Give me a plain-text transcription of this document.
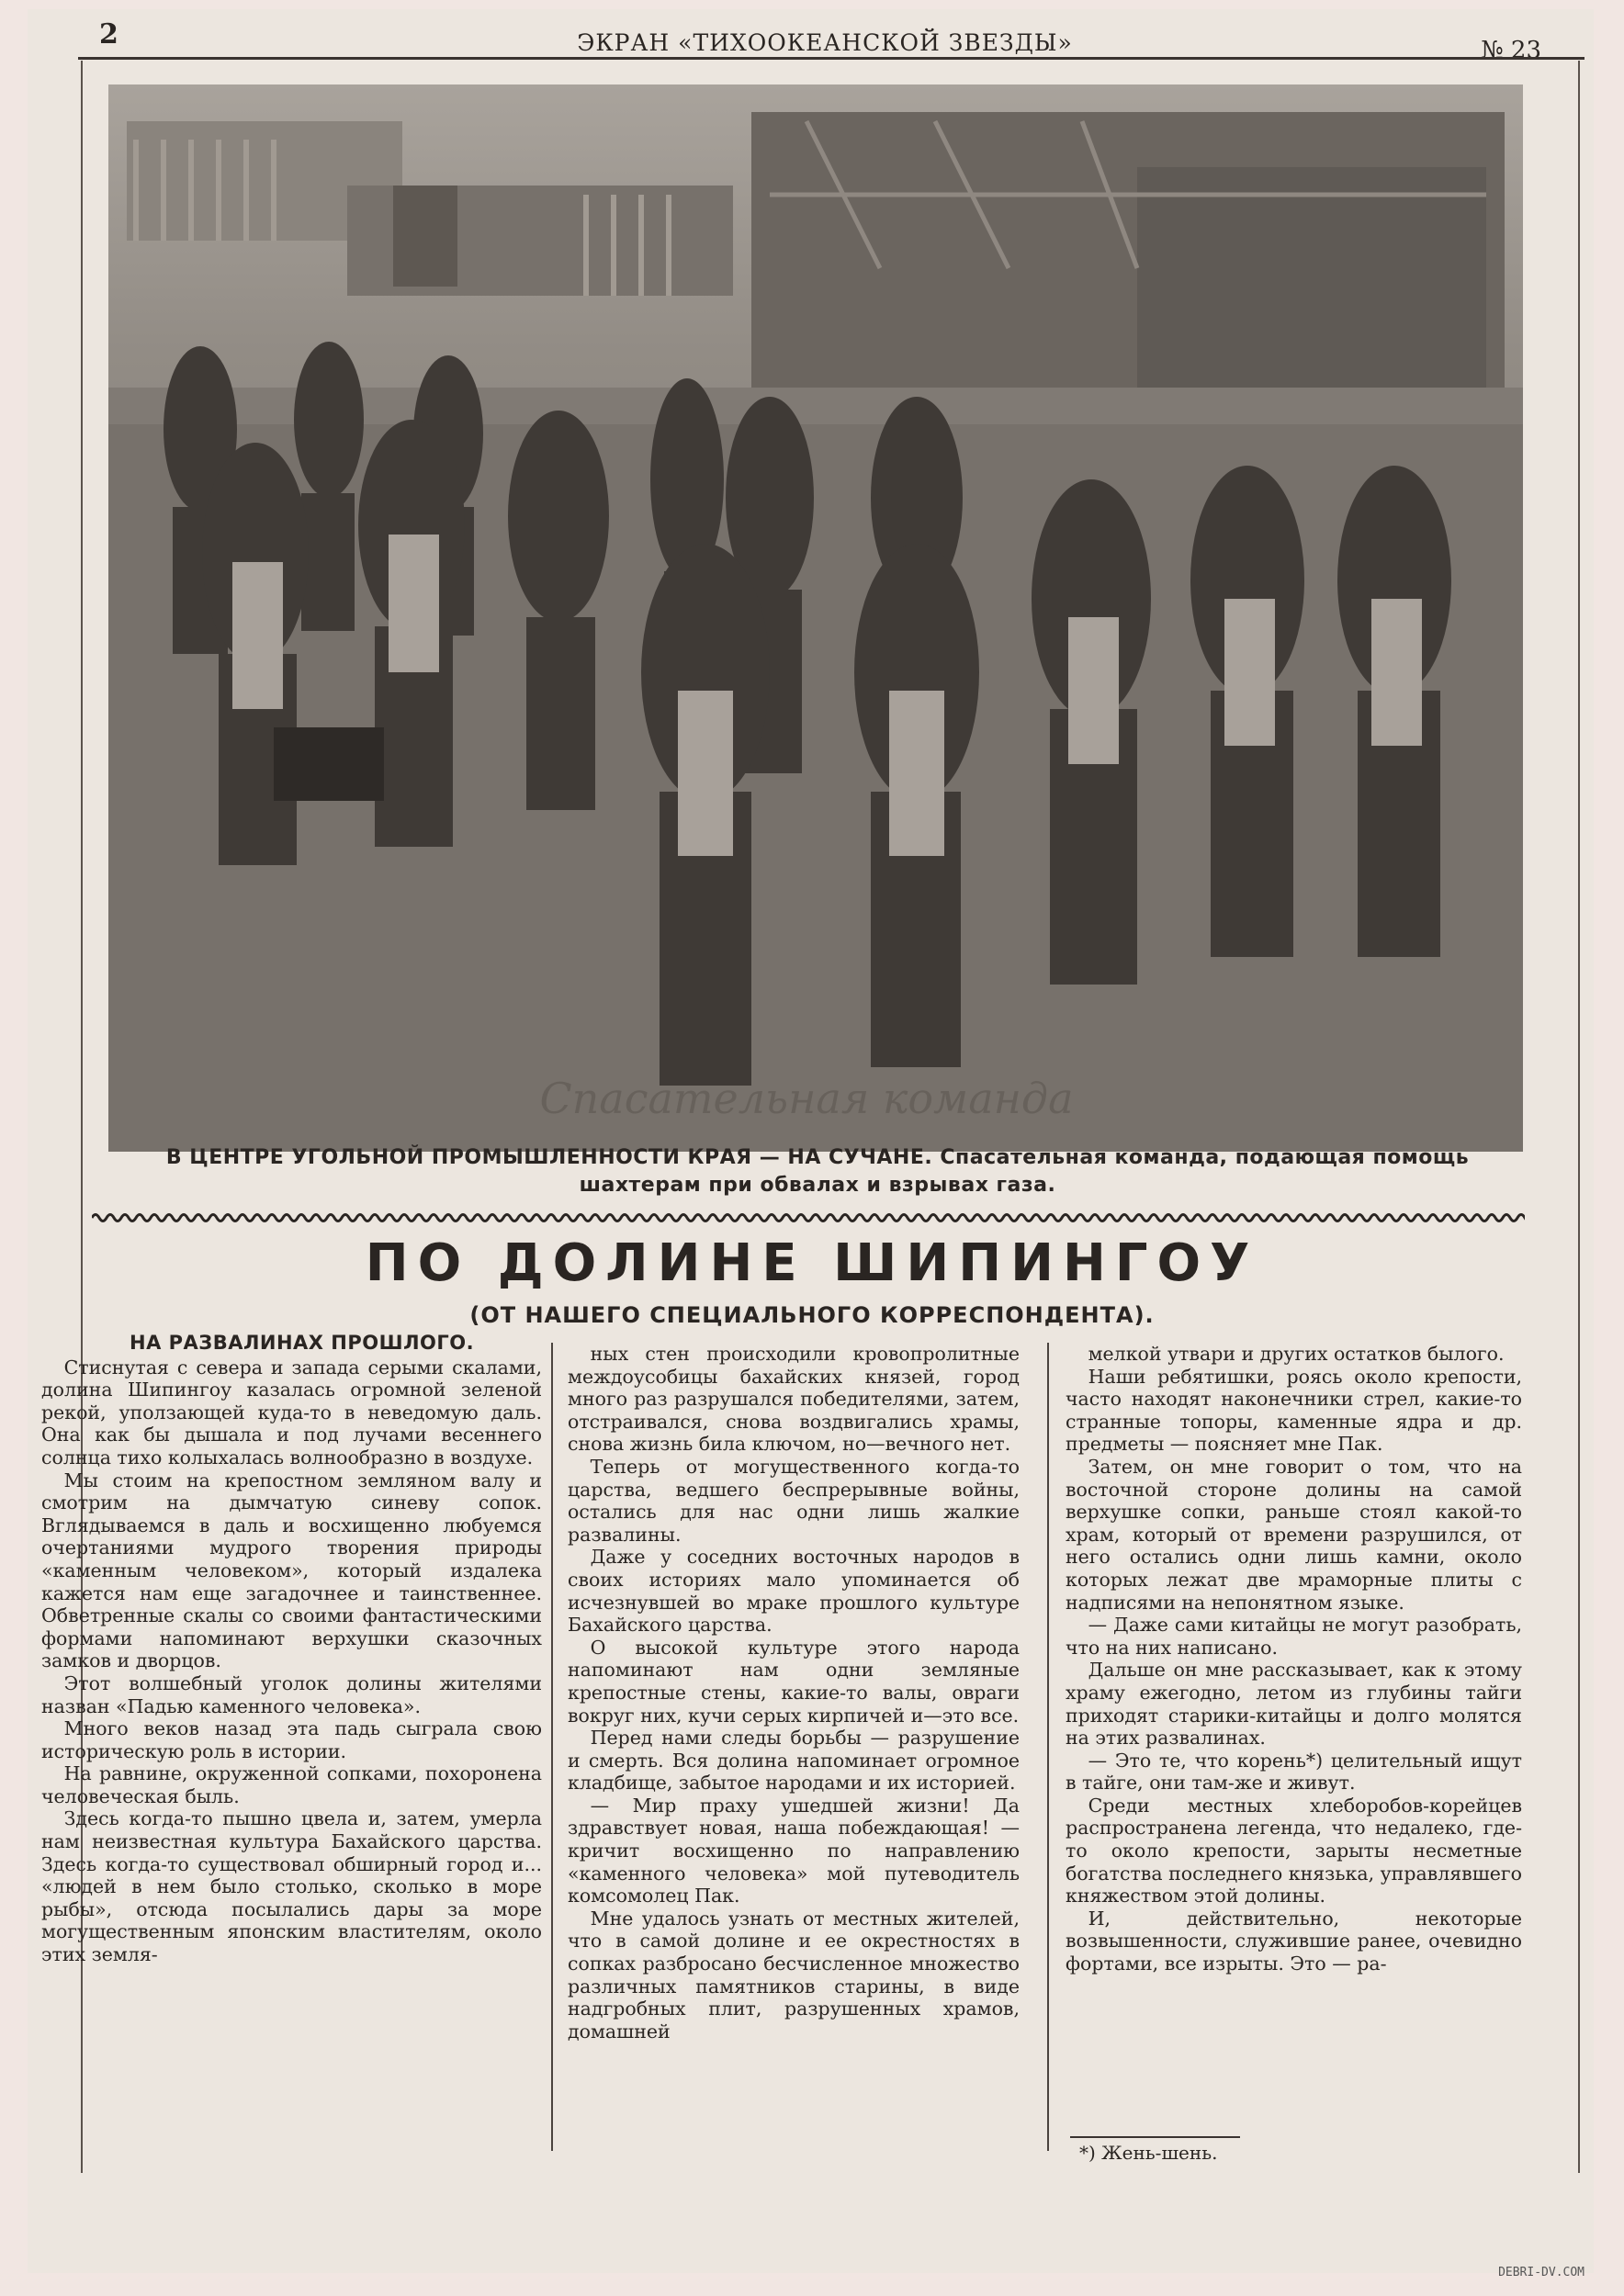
2	ЭКРАН «ТИХООКЕАНСКОЙ ЗВЕЗДЫ»	№ 23
Спасательная команда
В ЦЕНТРЕ УГОЛЬНОЙ ПРОМЫШЛЕННОСТИ КРАЯ — НА СУЧАНЕ. Спасательная команда, подающая помощь
шахтерам при обвалах и взрывах газа.
ПО ДОЛИНЕ ШИПИНГОУ
(ОТ НАШЕГО СПЕЦИАЛЬНОГО КОРРЕСПОНДЕНТА).
НА РАЗВАЛИНАХ ПРОШЛОГО.

Стиснутая с севера и запада серыми скалами, долина Шипингоу казалась огромной зеленой рекой, уползающей куда-то в неведомую даль. Она как бы дышала и под лучами весеннего солнца тихо колыхалась волнообразно в воздухе.

Мы стоим на крепостном земляном валу и смотрим на дымчатую синеву сопок. Вглядываемся в даль и восхищенно любуемся очертаниями мудрого творения природы «каменным человеком», который издалека кажется нам еще загадочнее и таинственнее. Обветренные скалы со своими фантастическими формами напоминают верхушки сказочных замков и дворцов.

Этот волшебный уголок долины жителями назван «Падью каменного человека».

Много веков назад эта падь сыграла свою историческую роль в истории.

На равнине, окруженной сопками, похоронена человеческая быль.

Здесь когда-то пышно цвела и, затем, умерла нам неизвестная культура Бахайского царства. Здесь когда-то существовал обширный город и... «людей в нем было столько, сколько в море рыбы», отсюда посылались дары за море могущественным японским властителям, около этих земля-

ных стен происходили кровопролитные междоусобицы бахайских князей, город много раз разрушался победителями, затем, отстраивался, снова воздвигались храмы, снова жизнь била ключом, но—вечного нет.

Теперь от могущественного когда-то царства, ведшего беспрерывные войны, остались для нас одни лишь жалкие развалины.

Даже у соседних восточных народов в своих историях мало упоминается об исчезнувшей во мраке прошлого культуре Бахайского царства.

О высокой культуре этого народа напоминают нам одни земляные крепостные стены, какие-то валы, овраги вокруг них, кучи серых кирпичей и—это все.

Перед нами следы борьбы — разрушение и смерть. Вся долина напоминает огромное кладбище, забытое народами и их историей.

— Мир праху ушедшей жизни! Да здравствует новая, наша побеждающая! — кричит восхищенно по направлению «каменного человека» мой путеводитель комсомолец Пак.

Мне удалось узнать от местных жителей, что в самой долине и ее окрестностях в сопках разбросано бесчисленное множество различных памятников старины, в виде надгробных плит, разрушенных храмов, домашней

мелкой утвари и других остатков былого.

Наши ребятишки, роясь около крепости, часто находят наконечники стрел, какие-то странные топоры, каменные ядра и др. предметы — поясняет мне Пак.

Затем, он мне говорит о том, что на восточной стороне долины на самой верхушке сопки, раньше стоял какой-то храм, который от времени разрушился, от него остались одни лишь камни, около которых лежат две мраморные плиты с надписями на непонятном языке.

— Даже сами китайцы не могут разобрать, что на них написано.

Дальше он мне рассказывает, как к этому храму ежегодно, летом из глубины тайги приходят старики-китайцы и долго молятся на этих развалинах.

— Это те, что корень*) целительный ищут в тайге, они там-же и живут.

Среди местных хлеборобов-корейцев распространена легенда, что недалеко, где-то около крепости, зарыты несметные богатства последнего князька, управлявшего княжеством этой долины.

И, действительно, некоторые возвышенности, служившие ранее, очевидно фортами, все изрыты. Это — ра-

*) Жень-шень.
DEBRI-DV.COM
